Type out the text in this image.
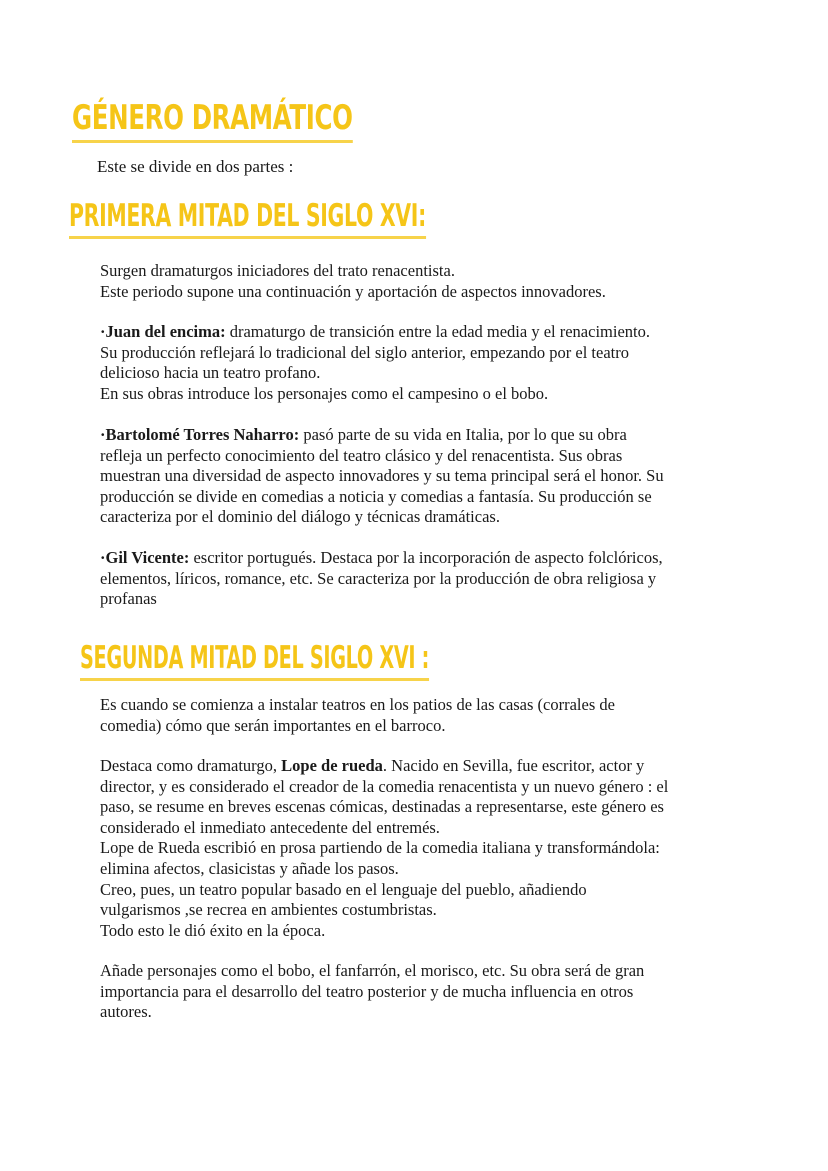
GÉNERO DRAMÁTICO

Este se divide en dos partes :

PRIMERA MITAD DEL SIGLO XVI:

Surgen dramaturgos iniciadores del trato renacentista.

Este periodo supone una continuación y aportación de aspectos innovadores.

·Juan del encima: dramaturgo de transición entre la edad media y el renacimiento.

Su producción reflejará lo tradicional del siglo anterior, empezando por el teatro

delicioso hacia un teatro profano.

En sus obras introduce los personajes como el campesino o el bobo.

·Bartolomé Torres Naharro: pasó parte de su vida en Italia, por lo que su obra

refleja un perfecto conocimiento del teatro clásico y del renacentista. Sus obras

muestran una diversidad de aspecto innovadores y su tema principal será el honor. Su

producción se divide en comedias a noticia y comedias a fantasía. Su producción se

caracteriza por el dominio del diálogo y técnicas dramáticas.

·Gil Vicente: escritor portugués. Destaca por la incorporación de aspecto folclóricos,

elementos, líricos, romance, etc. Se caracteriza por la producción de obra religiosa y

profanas

SEGUNDA MITAD DEL SIGLO XVI :

Es cuando se comienza a instalar teatros en los patios de las casas (corrales de

comedia) cómo que serán importantes en el barroco.

Destaca como dramaturgo, Lope de rueda. Nacido en Sevilla, fue escritor, actor y

director, y es considerado el creador de la comedia renacentista y un nuevo género : el

paso, se resume en breves escenas cómicas, destinadas a representarse, este género es

considerado el inmediato antecedente del entremés.

Lope de Rueda escribió en prosa partiendo de la comedia italiana y transformándola:

elimina afectos, clasicistas y añade los pasos.

Creo, pues, un teatro popular basado en el lenguaje del pueblo, añadiendo

vulgarismos ,se recrea en ambientes costumbristas.

Todo esto le dió éxito en la época.

Añade personajes como el bobo, el fanfarrón, el morisco, etc. Su obra será de gran

importancia para el desarrollo del teatro posterior y de mucha influencia en otros

autores.
